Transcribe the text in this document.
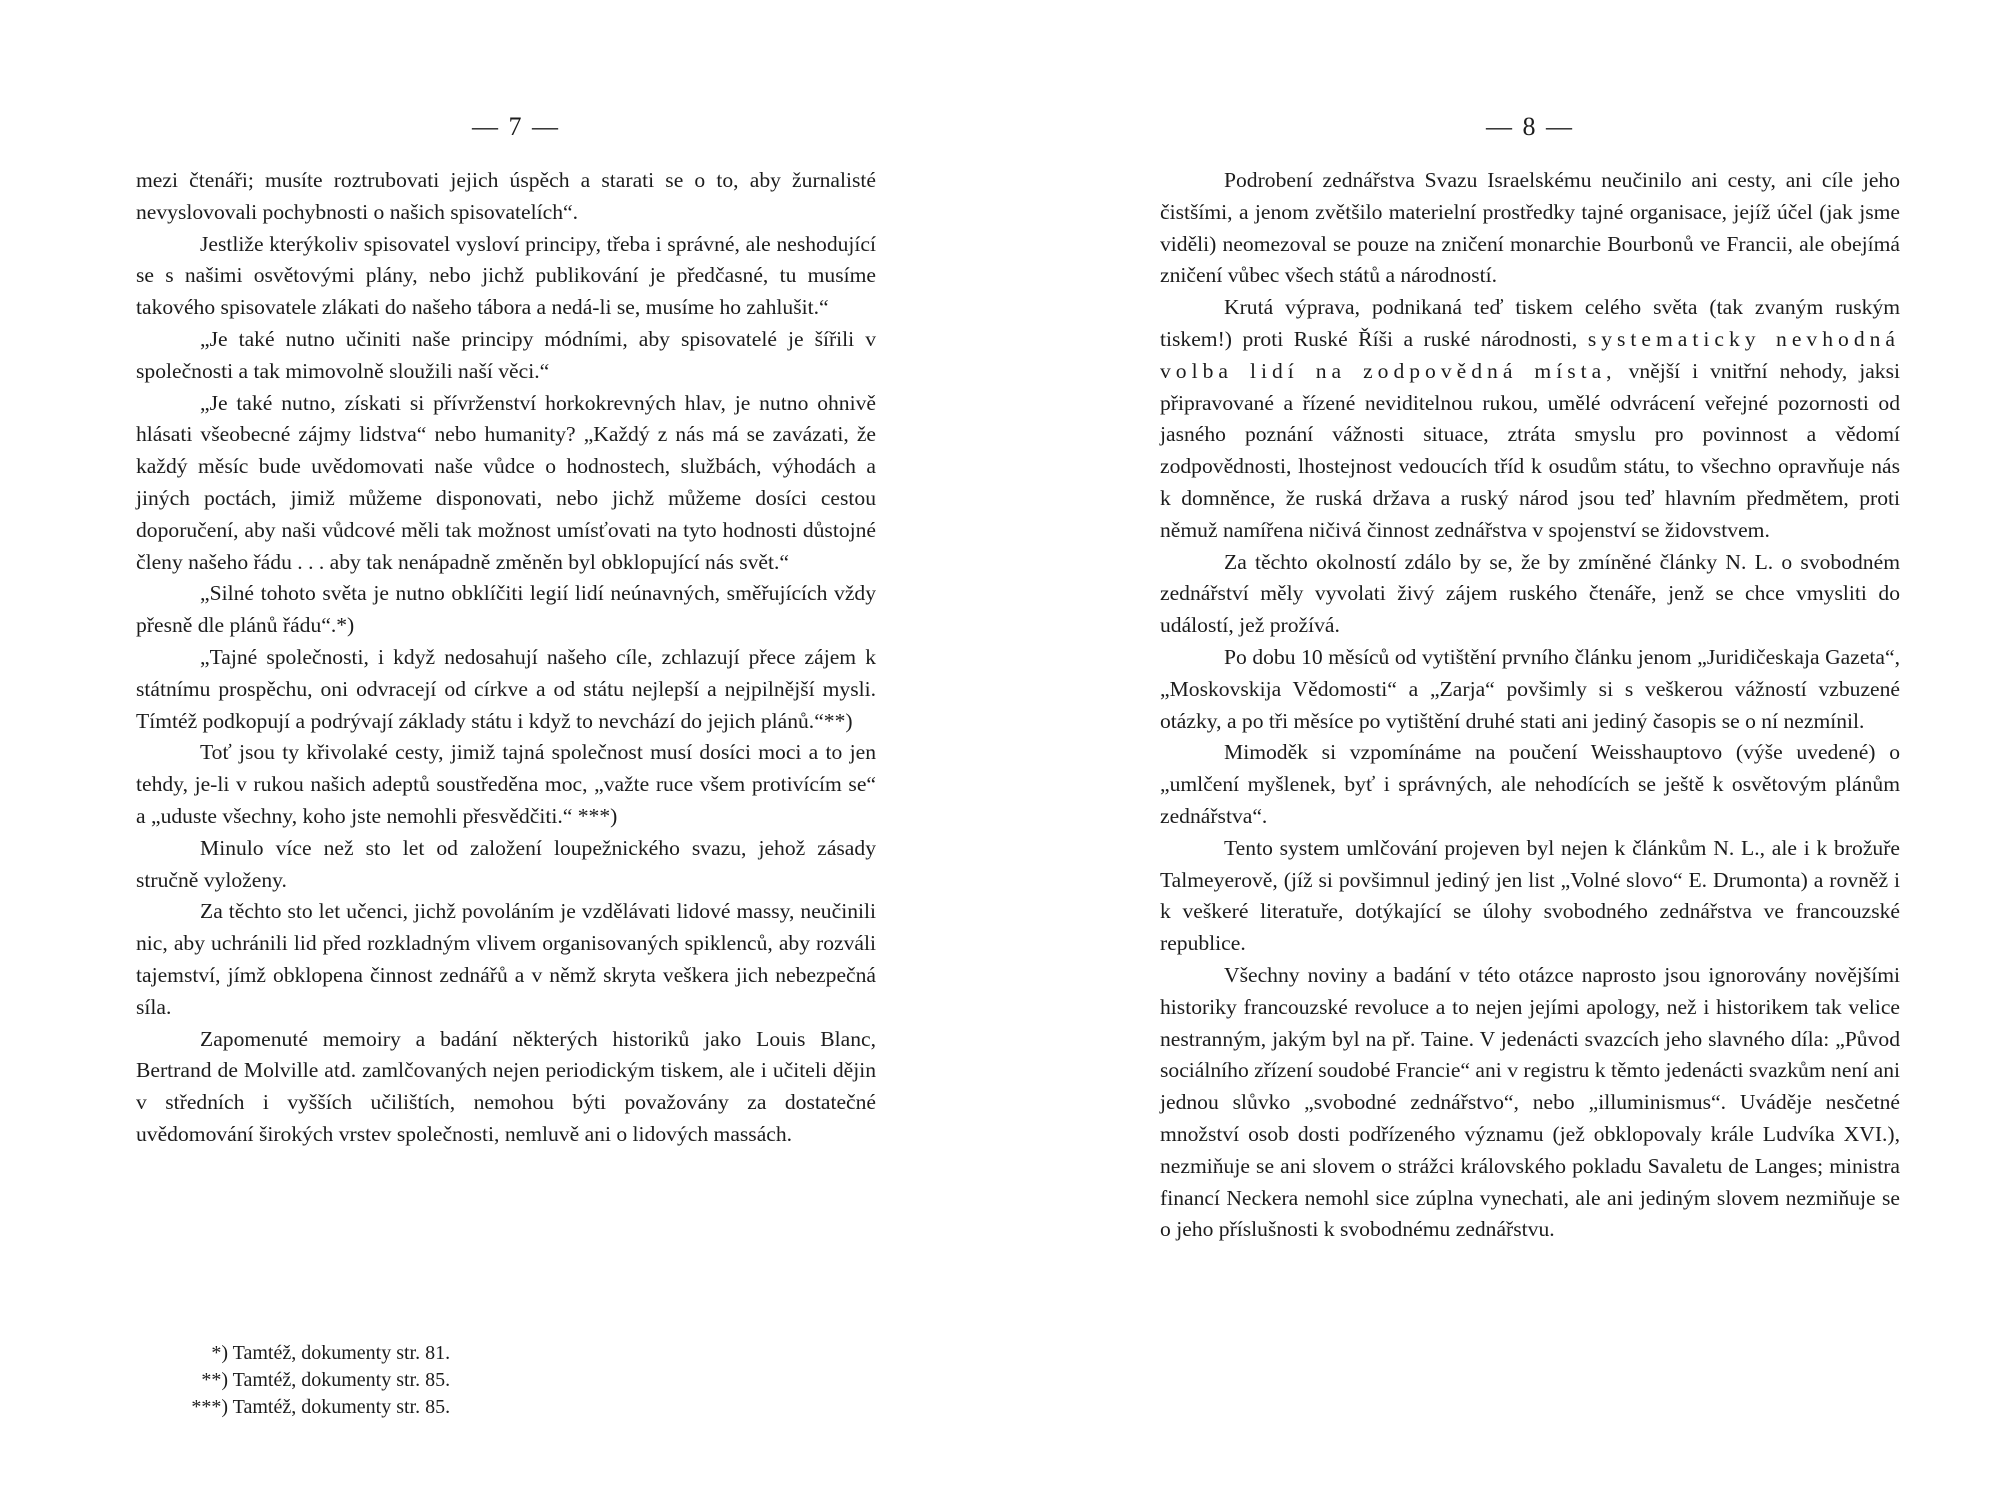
— 7 —

mezi čtenáři; musíte roztrubovati jejich úspěch a starati se o to, aby žurnalisté nevyslovovali pochybnosti o našich spisovatelích“.

Jestliže kterýkoliv spisovatel vysloví principy, třeba i správné, ale neshodující se s našimi osvětovými plány, nebo jichž publikování je předčasné, tu musíme takového spisovatele zlákati do našeho tábora a nedá-li se, musíme ho zahlušit.“

„Je také nutno učiniti naše principy módními, aby spisovatelé je šířili v společnosti a tak mimovolně sloužili naší věci.“

„Je také nutno, získati si přívrženství horkokrevných hlav, je nutno ohnivě hlásati všeobecné zájmy lidstva“ nebo humanity? „Každý z nás má se zavázati, že každý měsíc bude uvědomovati naše vůdce o hodnostech, službách, výhodách a jiných poctách, jimiž můžeme disponovati, nebo jichž můžeme dosíci cestou doporučení, aby naši vůdcové měli tak možnost umísťovati na tyto hodnosti důstojné členy našeho řádu . . . aby tak nenápadně změněn byl obklopující nás svět.“

„Silné tohoto světa je nutno obklíčiti legií lidí neúnavných, směřujících vždy přesně dle plánů řádu“.*)

„Tajné společnosti, i když nedosahují našeho cíle, zchlazují přece zájem k státnímu prospěchu, oni odvracejí od církve a od státu nejlepší a nejpilnější mysli. Tímtéž podkopují a podrývají základy státu i když to nevchází do jejich plánů.“**)

Toť jsou ty křivolaké cesty, jimiž tajná společnost musí dosíci moci a to jen tehdy, je-li v rukou našich adeptů soustředěna moc, „važte ruce všem protivícím se“ a „uduste všechny, koho jste nemohli přesvědčiti.“ ***)

Minulo více než sto let od založení loupežnického svazu, jehož zásady stručně vyloženy.

Za těchto sto let učenci, jichž povoláním je vzdělávati lidové massy, neučinili nic, aby uchránili lid před rozkladným vlivem organisovaných spiklenců, aby rozváli tajemství, jímž obklopena činnost zednářů a v němž skryta veškera jich nebezpečná síla.

Zapomenuté memoiry a badání některých historiků jako Louis Blanc, Bertrand de Molville atd. zamlčovaných nejen periodickým tiskem, ale i učiteli dějin v středních i vyšších učilištích, nemohou býti považovány za dostatečné uvědomování širokých vrstev společnosti, nemluvě ani o lidových massách.

*) Tamtéž, dokumenty str. 81.
**) Tamtéž, dokumenty str. 85.
***) Tamtéž, dokumenty str. 85.
— 8 —

Podrobení zednářstva Svazu Israelskému neučinilo ani cesty, ani cíle jeho čistšími, a jenom zvětšilo materielní prostředky tajné organisace, jejíž účel (jak jsme viděli) neomezoval se pouze na zničení monarchie Bourbonů ve Francii, ale obejímá zničení vůbec všech států a národností.

Krutá výprava, podnikaná teď tiskem celého světa (tak zvaným ruským tiskem!) proti Ruské Říši a ruské národnosti, systematicky nevhodná volba lidí na zodpovědná místa, vnější i vnitřní nehody, jaksi připravované a řízené neviditelnou rukou, umělé odvrácení veřejné pozornosti od jasného poznání vážnosti situace, ztráta smyslu pro povinnost a vědomí zodpovědnosti, lhostejnost vedoucích tříd k osudům státu, to všechno opravňuje nás k domněnce, že ruská država a ruský národ jsou teď hlavním předmětem, proti němuž namířena ničivá činnost zednářstva v spojenství se židovstvem.

Za těchto okolností zdálo by se, že by zmíněné články N. L. o svobodném zednářství měly vyvolati živý zájem ruského čtenáře, jenž se chce vmysliti do událostí, jež prožívá.

Po dobu 10 měsíců od vytištění prvního článku jenom „Juridičeskaja Gazeta“, „Moskovskija Vědomosti“ a „Zarja“ povšimly si s veškerou vážností vzbuzené otázky, a po tři měsíce po vytištění druhé stati ani jediný časopis se o ní nezmínil.

Mimoděk si vzpomínáme na poučení Weisshauptovo (výše uvedené) o „umlčení myšlenek, byť i správných, ale nehodících se ještě k osvětovým plánům zednářstva“.

Tento system umlčování projeven byl nejen k článkům N. L., ale i k brožuře Talmeyerově, (jíž si povšimnul jediný jen list „Volné slovo“ E. Drumonta) a rovněž i k veškeré literatuře, dotýkající se úlohy svobodného zednářstva ve francouzské republice.

Všechny noviny a badání v této otázce naprosto jsou ignorovány novějšími historiky francouzské revoluce a to nejen jejími apology, než i historikem tak velice nestranným, jakým byl na př. Taine. V jedenácti svazcích jeho slavného díla: „Původ sociálního zřízení soudobé Francie“ ani v registru k těmto jedenácti svazkům není ani jednou slůvko „svobodné zednářstvo“, nebo „illuminismus“. Uváděje nesčetné množství osob dosti podřízeného významu (jež obklopovaly krále Ludvíka XVI.), nezmiňuje se ani slovem o strážci královského pokladu Savaletu de Langes; ministra financí Neckera nemohl sice zúplna vynechati, ale ani jediným slovem nezmiňuje se o jeho příslušnosti k svobodnému zednářstvu.
